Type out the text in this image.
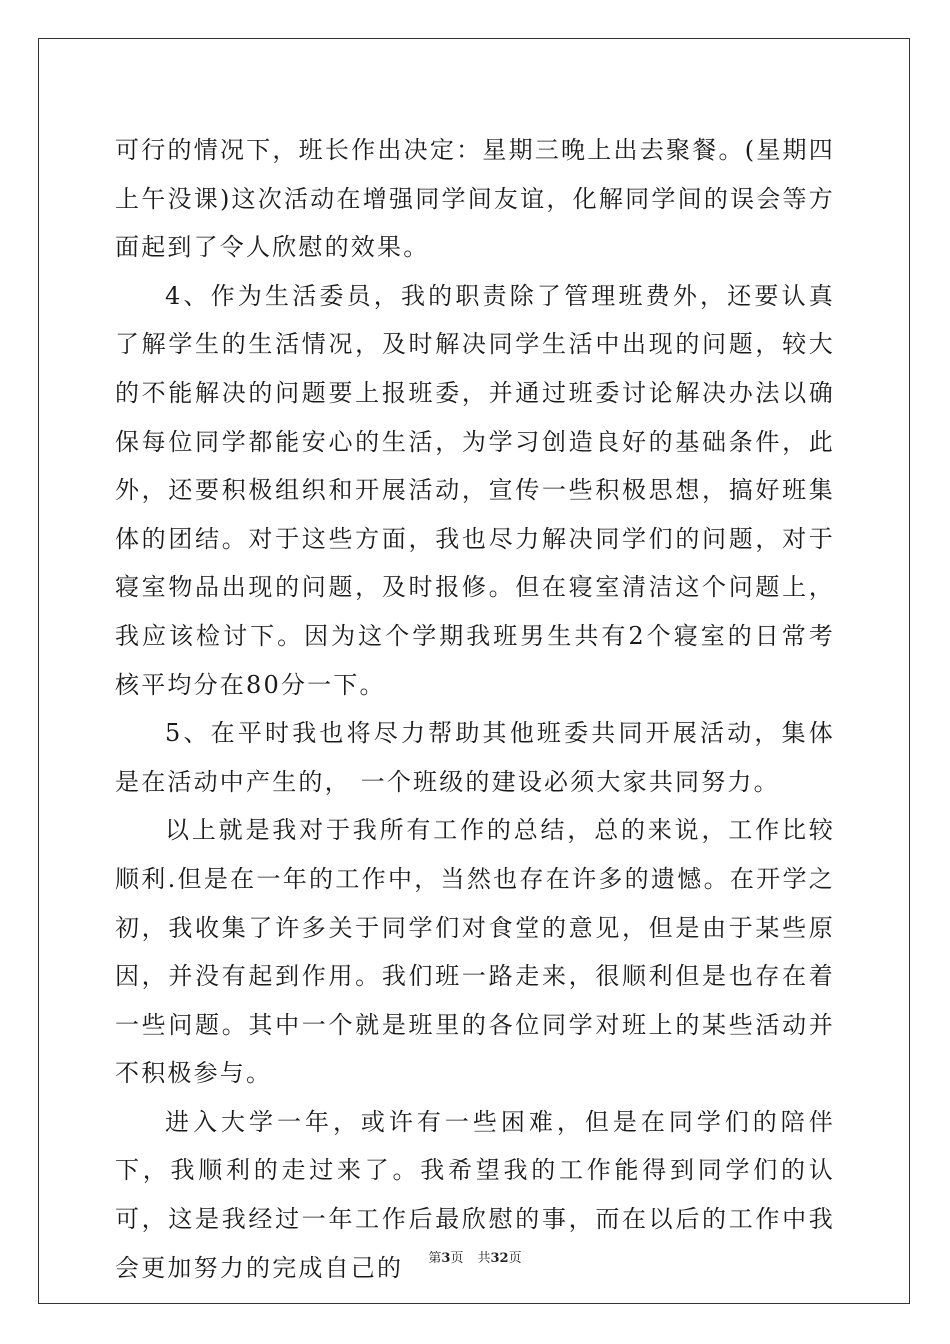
可行的情况下，班长作出决定：星期三晚上出去聚餐。(星期四上午没课)这次活动在增强同学间友谊，化解同学间的误会等方面起到了令人欣慰的效果。

4、作为生活委员，我的职责除了管理班费外，还要认真了解学生的生活情况，及时解决同学生活中出现的问题，较大的不能解决的问题要上报班委，并通过班委讨论解决办法以确保每位同学都能安心的生活，为学习创造良好的基础条件，此外，还要积极组织和开展活动，宣传一些积极思想，搞好班集体的团结。对于这些方面，我也尽力解决同学们的问题，对于寝室物品出现的问题，及时报修。但在寝室清洁这个问题上，我应该检讨下。因为这个学期我班男生共有2个寝室的日常考核平均分在80分一下。

5、在平时我也将尽力帮助其他班委共同开展活动，集体是在活动中产生的， 一个班级的建设必须大家共同努力。

以上就是我对于我所有工作的总结，总的来说，工作比较顺利.但是在一年的工作中，当然也存在许多的遗憾。在开学之初，我收集了许多关于同学们对食堂的意见，但是由于某些原因，并没有起到作用。我们班一路走来，很顺利但是也存在着一些问题。其中一个就是班里的各位同学对班上的某些活动并不积极参与。

进入大学一年，或许有一些困难，但是在同学们的陪伴下，我顺利的走过来了。我希望我的工作能得到同学们的认可，这是我经过一年工作后最欣慰的事，而在以后的工作中我会更加努力的完成自己的	第3页 共32页
